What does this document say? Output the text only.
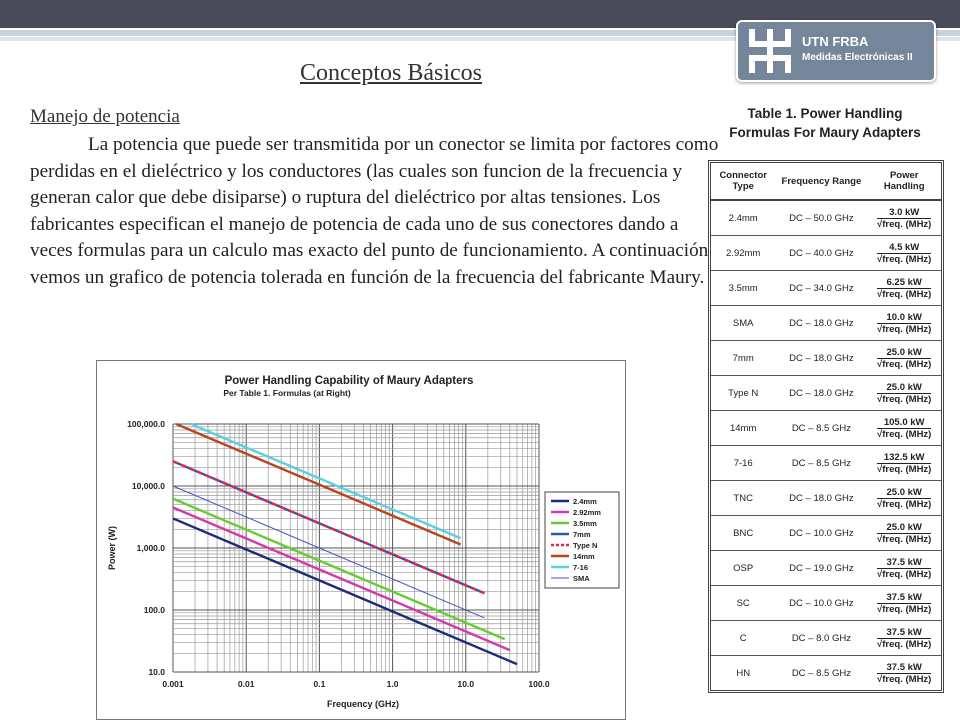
UTN FRBA
Medidas Electrónicas II
Conceptos Básicos
Manejo de potencia
La potencia que puede ser transmitida por un conector se limita por factores como perdidas en el dieléctrico y los conductores (las cuales son funcion de la frecuencia y generan calor que debe disiparse) o ruptura del dieléctrico por altas tensiones. Los fabricantes especifican el manejo de potencia de cada uno de sus conectores dando a veces formulas para un calculo mas exacto del punto de funcionamiento. A continuación vemos un grafico de potencia tolerada en función de la frecuencia del fabricante Maury.
Power Handling Capability of Maury Adapters
Per Table 1. Formulas (at Right)
0.001	0.01	0.1	1.0	10.0	100.0
10.0
100.0
1,000.0
10,000.0
100,000.0
2.4mm
2.92mm
3.5mm
7mm
Type N
14mm
7-16
SMA
Frequency (GHz)
Power (W)
Table 1. Power Handling
Formulas For Maury Adapters
Connector Type	Frequency Range	Power Handling
2.4mm	DC – 50.0 GHz	$\frac{3.0 kW}{\text{√freq. (MHz)}}$

2.92mm	DC – 40.0 GHz	$\frac{4.5 kW}{\text{√freq. (MHz)}}$

3.5mm	DC – 34.0 GHz	$\frac{6.25 kW}{\text{√freq. (MHz)}}$

SMA	DC – 18.0 GHz	$\frac{10.0 kW}{\text{√freq. (MHz)}}$

7mm	DC – 18.0 GHz	$\frac{25.0 kW}{\text{√freq. (MHz)}}$

Type N	DC – 18.0 GHz	$\frac{25.0 kW}{\text{√freq. (MHz)}}$

14mm	DC – 8.5 GHz	$\frac{105.0 kW}{\text{√freq. (MHz)}}$

7-16	DC – 8.5 GHz	$\frac{132.5 kW}{\text{√freq. (MHz)}}$

TNC	DC – 18.0 GHz	$\frac{25.0 kW}{\text{√freq. (MHz)}}$

BNC	DC – 10.0 GHz	$\frac{25.0 kW}{\text{√freq. (MHz)}}$

OSP	DC – 19.0 GHz	$\frac{37.5 kW}{\text{√freq. (MHz)}}$

SC	DC – 10.0 GHz	$\frac{37.5 kW}{\text{√freq. (MHz)}}$

C	DC – 8.0 GHz	$\frac{37.5 kW}{\text{√freq. (MHz)}}$

HN	DC – 8.5 GHz	$\frac{37.5 kW}{\text{√freq. (MHz)}}$
